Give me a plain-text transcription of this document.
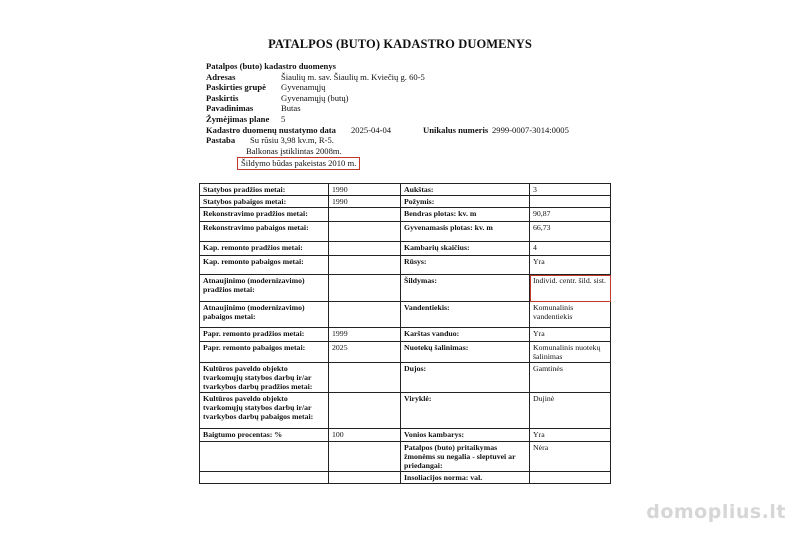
PATALPOS (BUTO) KADASTRO DUOMENYS
Patalpos (buto) kadastro duomenys
Adresas	Šiaulių m. sav. Šiaulių m. Kviečių g. 60-5
Paskirties grupė	Gyvenamųjų
Paskirtis	Gyvenamųjų (butų)
Pavadinimas	Butas
Žymėjimas plane	5
Kadastro duomenų nustatymo data	2025-04-04	Unikalus numeris 2999-0007-3014:0005
Pastaba	Su rūsiu 3,98 kv.m, R-5.
Balkonas įstiklintas 2008m.
Šildymo būdas pakeistas 2010 m.
Statybos pradžios metai:	1990	Aukštas:	3
Statybos pabaigos metai:	1990	Požymis:	
Rekonstravimo pradžios metai:		Bendras plotas: kv. m	90,87
Rekonstravimo pabaigos metai:		Gyvenamasis plotas: kv. m	66,73
Kap. remonto pradžios metai:		Kambarių skaičius:	4
Kap. remonto pabaigos metai:		Rūsys:	Yra
Atnaujinimo (modernizavimo) pradžios metai:		Šildymas:	Individ. centr. šild. sist.
Atnaujinimo (modernizavimo) pabaigos metai:		Vandentiekis:	Komunalinis vandentiekis
Papr. remonto pradžios metai:	1999	Karštas vanduo:	Yra
Papr. remonto pabaigos metai:	2025	Nuotekų šalinimas:	Komunalinis nuotekų šalinimas
Kultūros paveldo objekto tvarkomųjų statybos darbų ir/ar tvarkybos darbų pradžios metai:		Dujos:	Gamtinės
Kultūros paveldo objekto tvarkomųjų statybos darbų ir/ar tvarkybos darbų pabaigos metai:		Viryklė:	Dujinė
Baigtumo procentas: %	100	Vonios kambarys:	Yra
		Patalpos (buto) pritaikymas žmonėms su negalia - sleptuvei ar priedangai:	Nėra
		Insoliacijos norma: val.	
domoplius.lt
